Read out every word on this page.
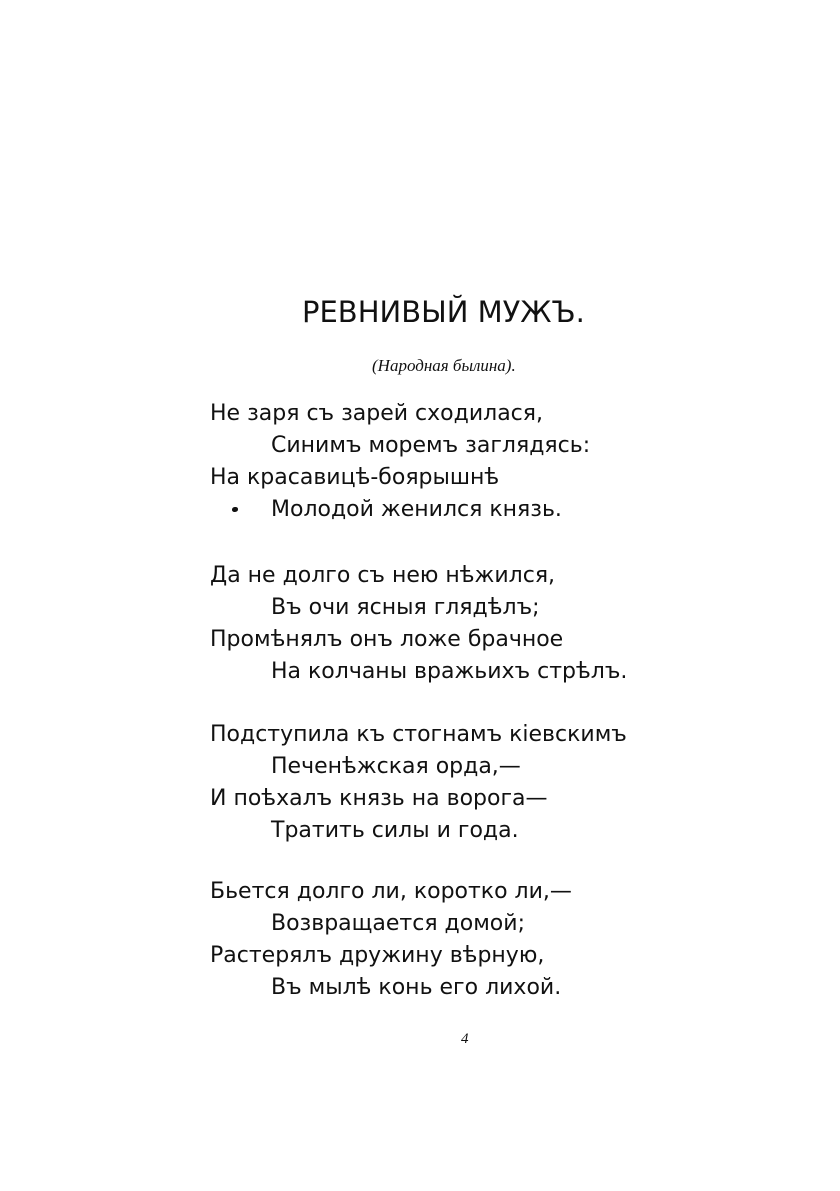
РЕВНИВЫЙ МУЖЪ.
(Народная былина).
Не заря съ зарей сходилася,
Синимъ моремъ заглядясь:
На красавицѣ-боярышнѣ
Молодой женился князь.
Да не долго съ нею нѣжился,
Въ очи ясныя глядѣлъ;
Промѣнялъ онъ ложе брачное
На колчаны вражьихъ стрѣлъ.
Подступила къ стогнамъ кіевскимъ
Печенѣжская орда,—
И поѣхалъ князь на ворога—
Тратить силы и года.
Бьется долго ли, коротко ли,—
Возвращается домой;
Растерялъ дружину вѣрную,
Въ мылѣ конь его лихой.
4
